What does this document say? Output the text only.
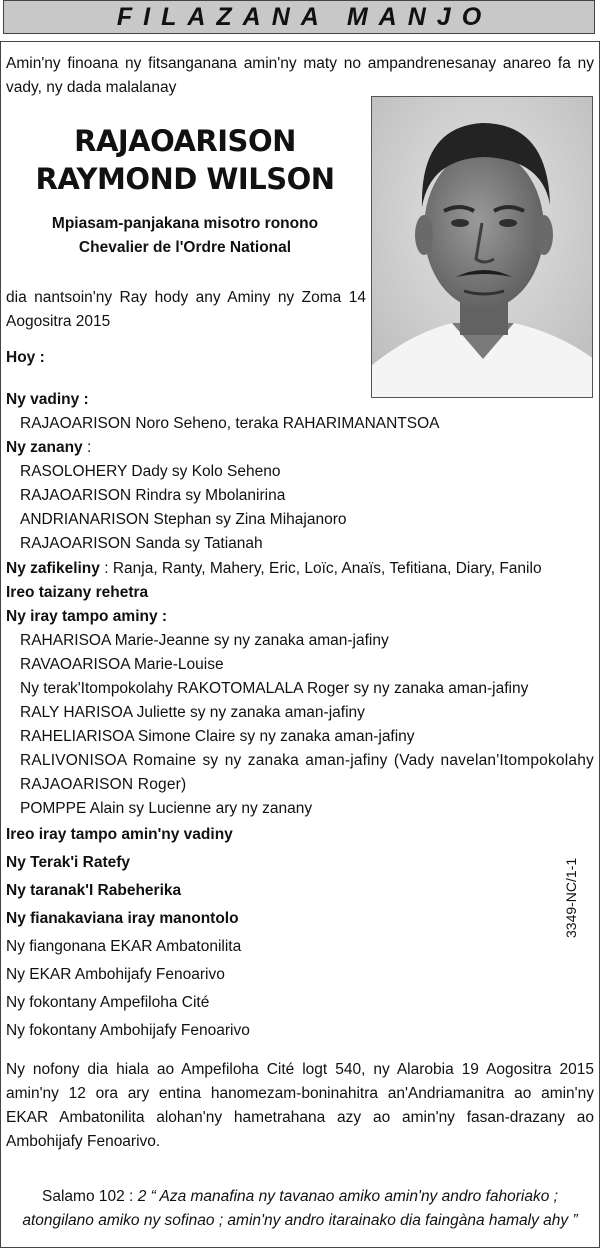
FILAZANA MANJO
Amin'ny finoana ny fitsanganana amin'ny maty no ampandrenesanay anareo fa ny vady, ny dada malalanay
RAJAOARISON
RAYMOND WILSON
Mpiasam-panjakana misotro ronono
Chevalier de l'Ordre National
dia nantsoin'ny Ray hody any Aminy ny Zoma 14 Aogositra 2015
Hoy :
Ny vadiny :
RAJAOARISON Noro Seheno, teraka RAHARIMANANTSOA
Ny zanany :
RASOLOHERY Dady sy Kolo Seheno
RAJAOARISON Rindra sy Mbolanirina
ANDRIANARISON Stephan sy Zina Mihajanoro
RAJAOARISON Sanda sy Tatianah
Ny zafikeliny : Ranja, Ranty, Mahery, Eric, Loïc, Anaïs, Tefitiana, Diary, Fanilo
Ireo taizany rehetra
Ny iray tampo aminy :
RAHARISOA Marie-Jeanne sy ny zanaka aman-jafiny
RAVAOARISOA Marie-Louise
Ny terak'Itompokolahy RAKOTOMALALA Roger sy ny zanaka aman-jafiny
RALY HARISOA Juliette sy ny zanaka aman-jafiny
RAHELIARISOA Simone Claire sy ny zanaka aman-jafiny
RALIVONISOA Romaine sy ny zanaka aman-jafiny (Vady navelan'Itompokolahy RAJAOARISON Roger)
POMPPE Alain sy Lucienne ary ny zanany
Ireo iray tampo amin'ny vadiny
Ny Terak'i Ratefy
Ny taranak'I Rabeherika
Ny fianakaviana iray manontolo
Ny fiangonana EKAR Ambatonilita
Ny EKAR Ambohijafy Fenoarivo
Ny fokontany Ampefiloha Cité
Ny fokontany Ambohijafy Fenoarivo
3349-NC/1-1
Ny nofony dia hiala ao Ampefiloha Cité logt 540, ny Alarobia 19 Aogositra 2015 amin'ny 12 ora ary entina hanomezam-boninahitra an'Andriamanitra ao amin'ny EKAR Ambatonilita alohan'ny hametrahana azy ao amin'ny fasan-drazany ao Ambohijafy Fenoarivo.
Salamo 102 : 2 “ Aza manafina ny tavanao amiko amin'ny andro fahoriako ;
atongilano amiko ny sofinao ; amin'ny andro itarainako dia faingàna hamaly ahy ”
